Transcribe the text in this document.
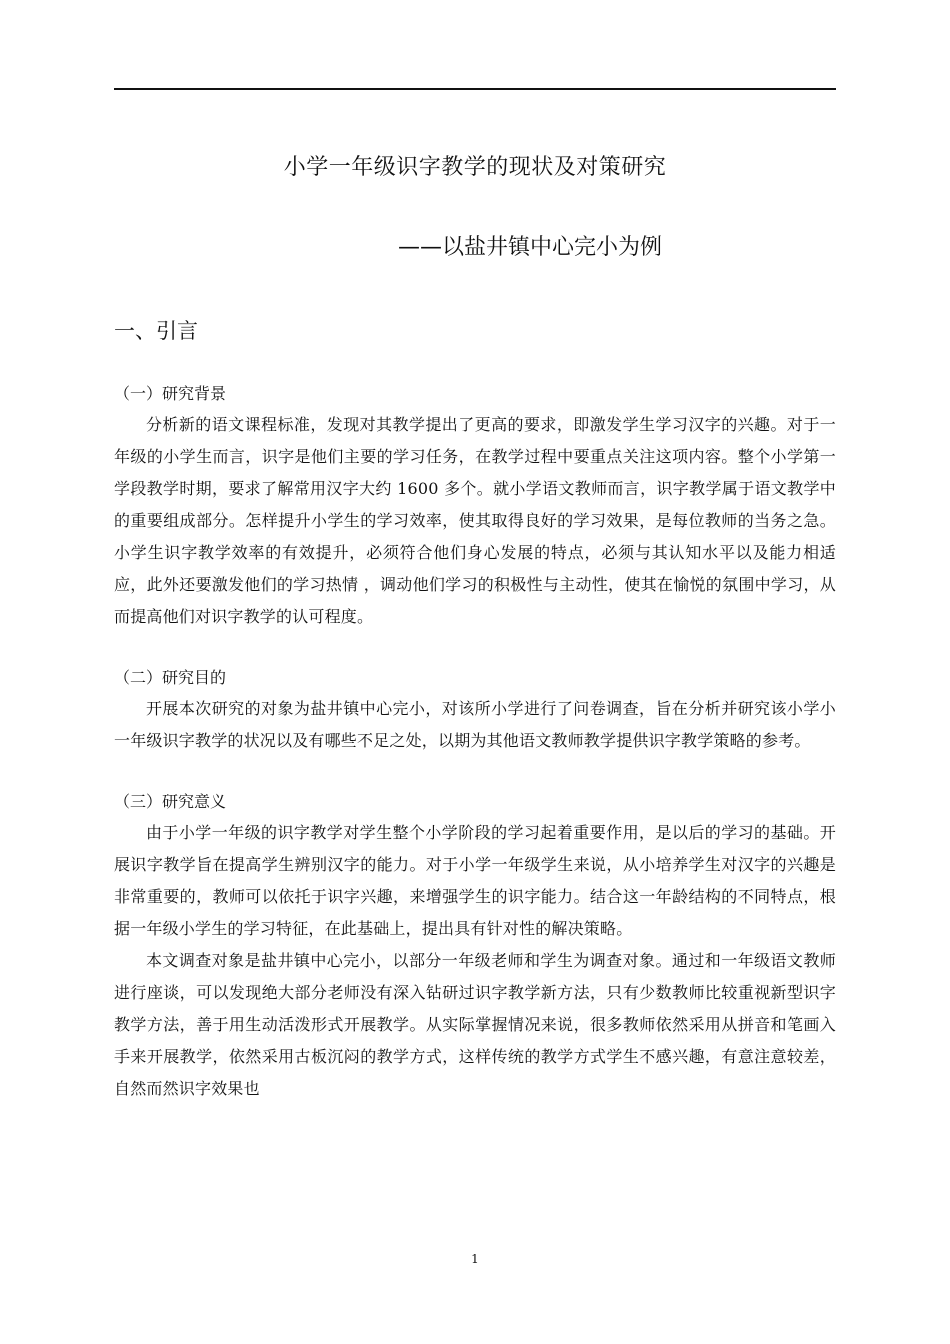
小学一年级识字教学的现状及对策研究
——以盐井镇中心完小为例
一、引言
（一）研究背景

分析新的语文课程标准，发现对其教学提出了更高的要求，即激发学生学习汉字的兴趣。对于一年级的小学生而言，识字是他们主要的学习任务，在教学过程中要重点关注这项内容。整个小学第一学段教学时期，要求了解常用汉字大约 1600 多个。就小学语文教师而言，识字教学属于语文教学中的重要组成部分。怎样提升小学生的学习效率，使其取得良好的学习效果，是每位教师的当务之急。小学生识字教学效率的有效提升，必须符合他们身心发展的特点，必须与其认知水平以及能力相适应，此外还要激发他们的学习热情 ，调动他们学习的积极性与主动性，使其在愉悦的氛围中学习，从而提高他们对识字教学的认可程度。

（二）研究目的

开展本次研究的对象为盐井镇中心完小，对该所小学进行了问卷调查，旨在分析并研究该小学小一年级识字教学的状况以及有哪些不足之处，以期为其他语文教师教学提供识字教学策略的参考。

（三）研究意义

由于小学一年级的识字教学对学生整个小学阶段的学习起着重要作用，是以后的学习的基础。开展识字教学旨在提高学生辨别汉字的能力。对于小学一年级学生来说，从小培养学生对汉字的兴趣是非常重要的，教师可以依托于识字兴趣，来增强学生的识字能力。结合这一年龄结构的不同特点，根据一年级小学生的学习特征，在此基础上，提出具有针对性的解决策略。

本文调查对象是盐井镇中心完小，以部分一年级老师和学生为调查对象。通过和一年级语文教师进行座谈，可以发现绝大部分老师没有深入钻研过识字教学新方法，只有少数教师比较重视新型识字教学方法，善于用生动活泼形式开展教学。从实际掌握情况来说，很多教师依然采用从拼音和笔画入手来开展教学，依然采用古板沉闷的教学方式，这样传统的教学方式学生不感兴趣，有意注意较差，自然而然识字效果也

1
